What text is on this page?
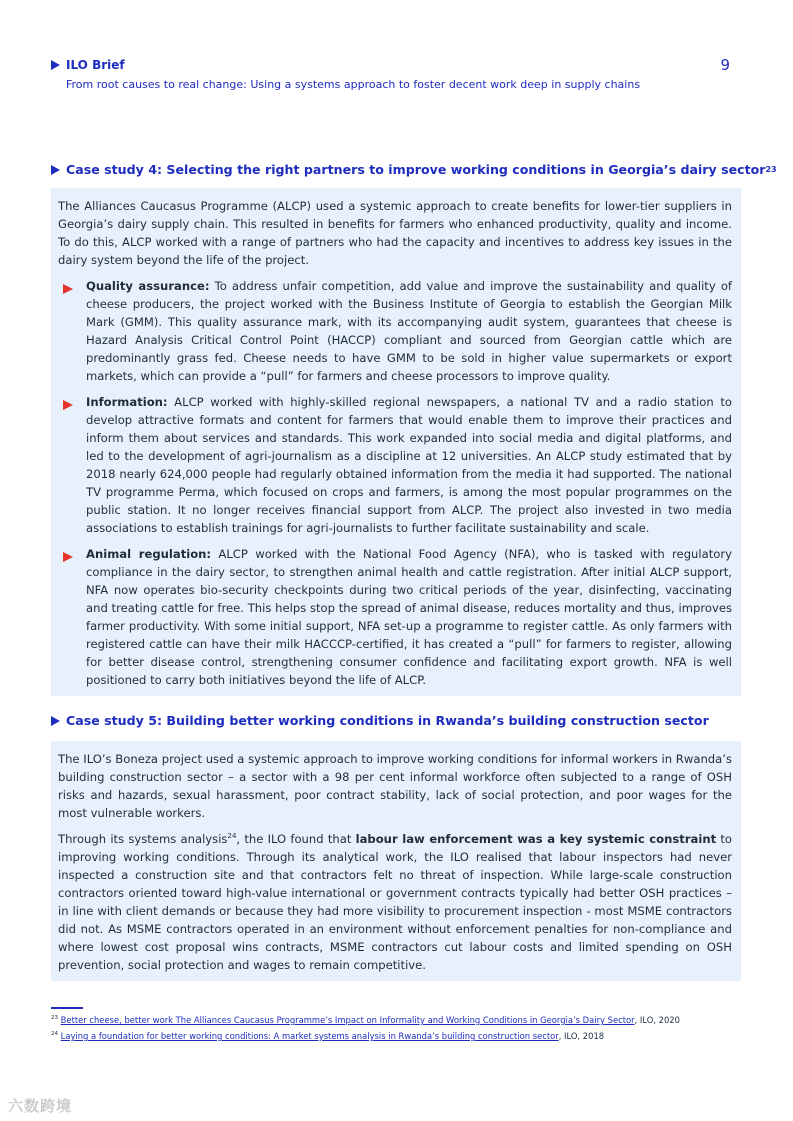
ILO Brief
From root causes to real change: Using a systems approach to foster decent work deep in supply chains
9
Case study 4: Selecting the right partners to improve working conditions in Georgia’s dairy sector 23

The Alliances Caucasus Programme (ALCP) used a systemic approach to create benefits for lower-tier suppliers in Georgia’s dairy supply chain. This resulted in benefits for farmers who enhanced productivity, quality and income. To do this, ALCP worked with a range of partners who had the capacity and incentives to address key issues in the dairy system beyond the life of the project.

Quality assurance: To address unfair competition, add value and improve the sustainability and quality of cheese producers, the project worked with the Business Institute of Georgia to establish the Georgian Milk Mark (GMM). This quality assurance mark, with its accompanying audit system, guarantees that cheese is Hazard Analysis Critical Control Point (HACCP) compliant and sourced from Georgian cattle which are predominantly grass fed. Cheese needs to have GMM to be sold in higher value supermarkets or export markets, which can provide a “pull” for farmers and cheese processors to improve quality.
Information: ALCP worked with highly-skilled regional newspapers, a national TV and a radio station to develop attractive formats and content for farmers that would enable them to improve their practices and inform them about services and standards. This work expanded into social media and digital platforms, and led to the development of agri-journalism as a discipline at 12 universities. An ALCP study estimated that by 2018 nearly 624,000 people had regularly obtained information from the media it had supported. The national TV programme Perma, which focused on crops and farmers, is among the most popular programmes on the public station. It no longer receives financial support from ALCP. The project also invested in two media associations to establish trainings for agri-journalists to further facilitate sustainability and scale.
Animal regulation: ALCP worked with the National Food Agency (NFA), who is tasked with regulatory compliance in the dairy sector, to strengthen animal health and cattle registration. After initial ALCP support, NFA now operates bio-security checkpoints during two critical periods of the year, disinfecting, vaccinating and treating cattle for free. This helps stop the spread of animal disease, reduces mortality and thus, improves farmer productivity. With some initial support, NFA set-up a programme to register cattle. As only farmers with registered cattle can have their milk HACCCP-certified, it has created a “pull” for farmers to register, allowing for better disease control, strengthening consumer confidence and facilitating export growth. NFA is well positioned to carry both initiatives beyond the life of ALCP.
Case study 5: Building better working conditions in Rwanda’s building construction sector

The ILO’s Boneza project used a systemic approach to improve working conditions for informal workers in Rwanda’s building construction sector – a sector with a 98 per cent informal workforce often subjected to a range of OSH risks and hazards, sexual harassment, poor contract stability, lack of social protection, and poor wages for the most vulnerable workers.

Through its systems analysis$^{24}$, the ILO found that labour law enforcement was a key systemic constraint to improving working conditions. Through its analytical work, the ILO realised that labour inspectors had never inspected a construction site and that contractors felt no threat of inspection. While large-scale construction contractors oriented toward high-value international or government contracts typically had better OSH practices – in line with client demands or because they had more visibility to procurement inspection - most MSME contractors did not. As MSME contractors operated in an environment without enforcement penalties for non-compliance and where lowest cost proposal wins contracts, MSME contractors cut labour costs and limited spending on OSH prevention, social protection and wages to remain competitive.

$^{23}$ Better cheese, better work The Alliances Caucasus Programme’s Impact on Informality and Working Conditions in Georgia’s Dairy Sector, ILO, 2020
$^{24}$ Laying a foundation for better working conditions: A market systems analysis in Rwanda’s building construction sector, ILO, 2018
六数跨境
